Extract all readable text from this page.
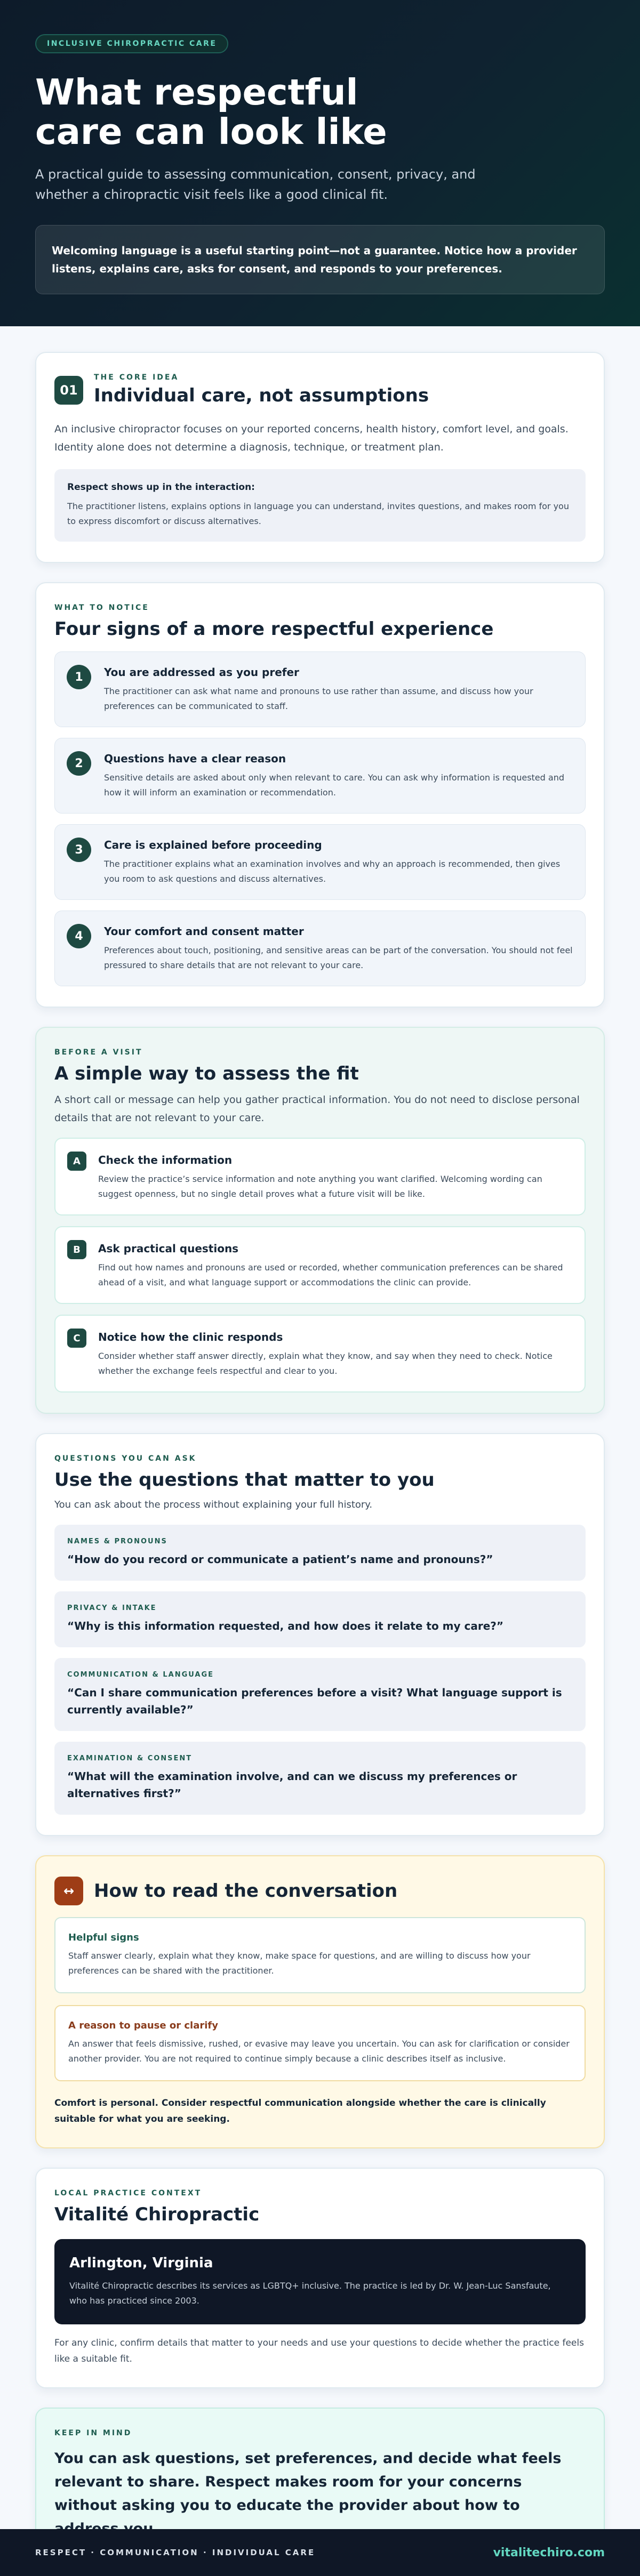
INCLUSIVE CHIROPRACTIC CARE
What respectful care can look like

A practical guide to assessing communication, consent, privacy, and whether a chiropractic visit feels like a good clinical fit.

Welcoming language is a useful starting point—not a guarantee. Notice how a provider listens, explains care, asks for consent, and responds to your preferences.
01
THE CORE IDEA
Individual care, not assumptions

An inclusive chiropractor focuses on your reported concerns, health history, comfort level, and goals. Identity alone does not determine a diagnosis, technique, or treatment plan.

Respect shows up in the interaction:
The practitioner listens, explains options in language you can understand, invites questions, and makes room for you to express discomfort or discuss alternatives.
WHAT TO NOTICE
Four signs of a more respectful experience
1	You are addressed as you prefer
The practitioner can ask what name and pronouns to use rather than assume, and discuss how your preferences can be communicated to staff.
2	Questions have a clear reason
Sensitive details are asked about only when relevant to care. You can ask why information is requested and how it will inform an examination or recommendation.
3	Care is explained before proceeding
The practitioner explains what an examination involves and why an approach is recommended, then gives you room to ask questions and discuss alternatives.
4	Your comfort and consent matter
Preferences about touch, positioning, and sensitive areas can be part of the conversation. You should not feel pressured to share details that are not relevant to your care.
BEFORE A VISIT
A simple way to assess the fit

A short call or message can help you gather practical information. You do not need to disclose personal details that are not relevant to your care.

A	Check the information
Review the practice’s service information and note anything you want clarified. Welcoming wording can suggest openness, but no single detail proves what a future visit will be like.
B	Ask practical questions
Find out how names and pronouns are used or recorded, whether communication preferences can be shared ahead of a visit, and what language support or accommodations the clinic can provide.
C	Notice how the clinic responds
Consider whether staff answer directly, explain what they know, and say when they need to check. Notice whether the exchange feels respectful and clear to you.
QUESTIONS YOU CAN ASK
Use the questions that matter to you

You can ask about the process without explaining your full history.

NAMES & PRONOUNS
“How do you record or communicate a patient’s name and pronouns?”
PRIVACY & INTAKE
“Why is this information requested, and how does it relate to my care?”
COMMUNICATION & LANGUAGE
“Can I share communication preferences before a visit? What language support is currently available?”
EXAMINATION & CONSENT
“What will the examination involve, and can we discuss my preferences or alternatives first?”
↔	How to read the conversation
Helpful signs
Staff answer clearly, explain what they know, make space for questions, and are willing to discuss how your preferences can be shared with the practitioner.
A reason to pause or clarify
An answer that feels dismissive, rushed, or evasive may leave you uncertain. You can ask for clarification or consider another provider. You are not required to continue simply because a clinic describes itself as inclusive.

Comfort is personal. Consider respectful communication alongside whether the care is clinically suitable for what you are seeking.

LOCAL PRACTICE CONTEXT
Vitalité Chiropractic
Arlington, Virginia
Vitalité Chiropractic describes its services as LGBTQ+ inclusive. The practice is led by Dr. W. Jean-Luc Sansfaute, who has practiced since 2003.

For any clinic, confirm details that matter to your needs and use your questions to decide whether the practice feels like a suitable fit.

KEEP IN MIND

You can ask questions, set preferences, and decide what feels relevant to share. Respect makes room for your concerns without asking you to educate the provider about how to

RESPECT · COMMUNICATION · INDIVIDUAL CARE	vitalitechiro.com
